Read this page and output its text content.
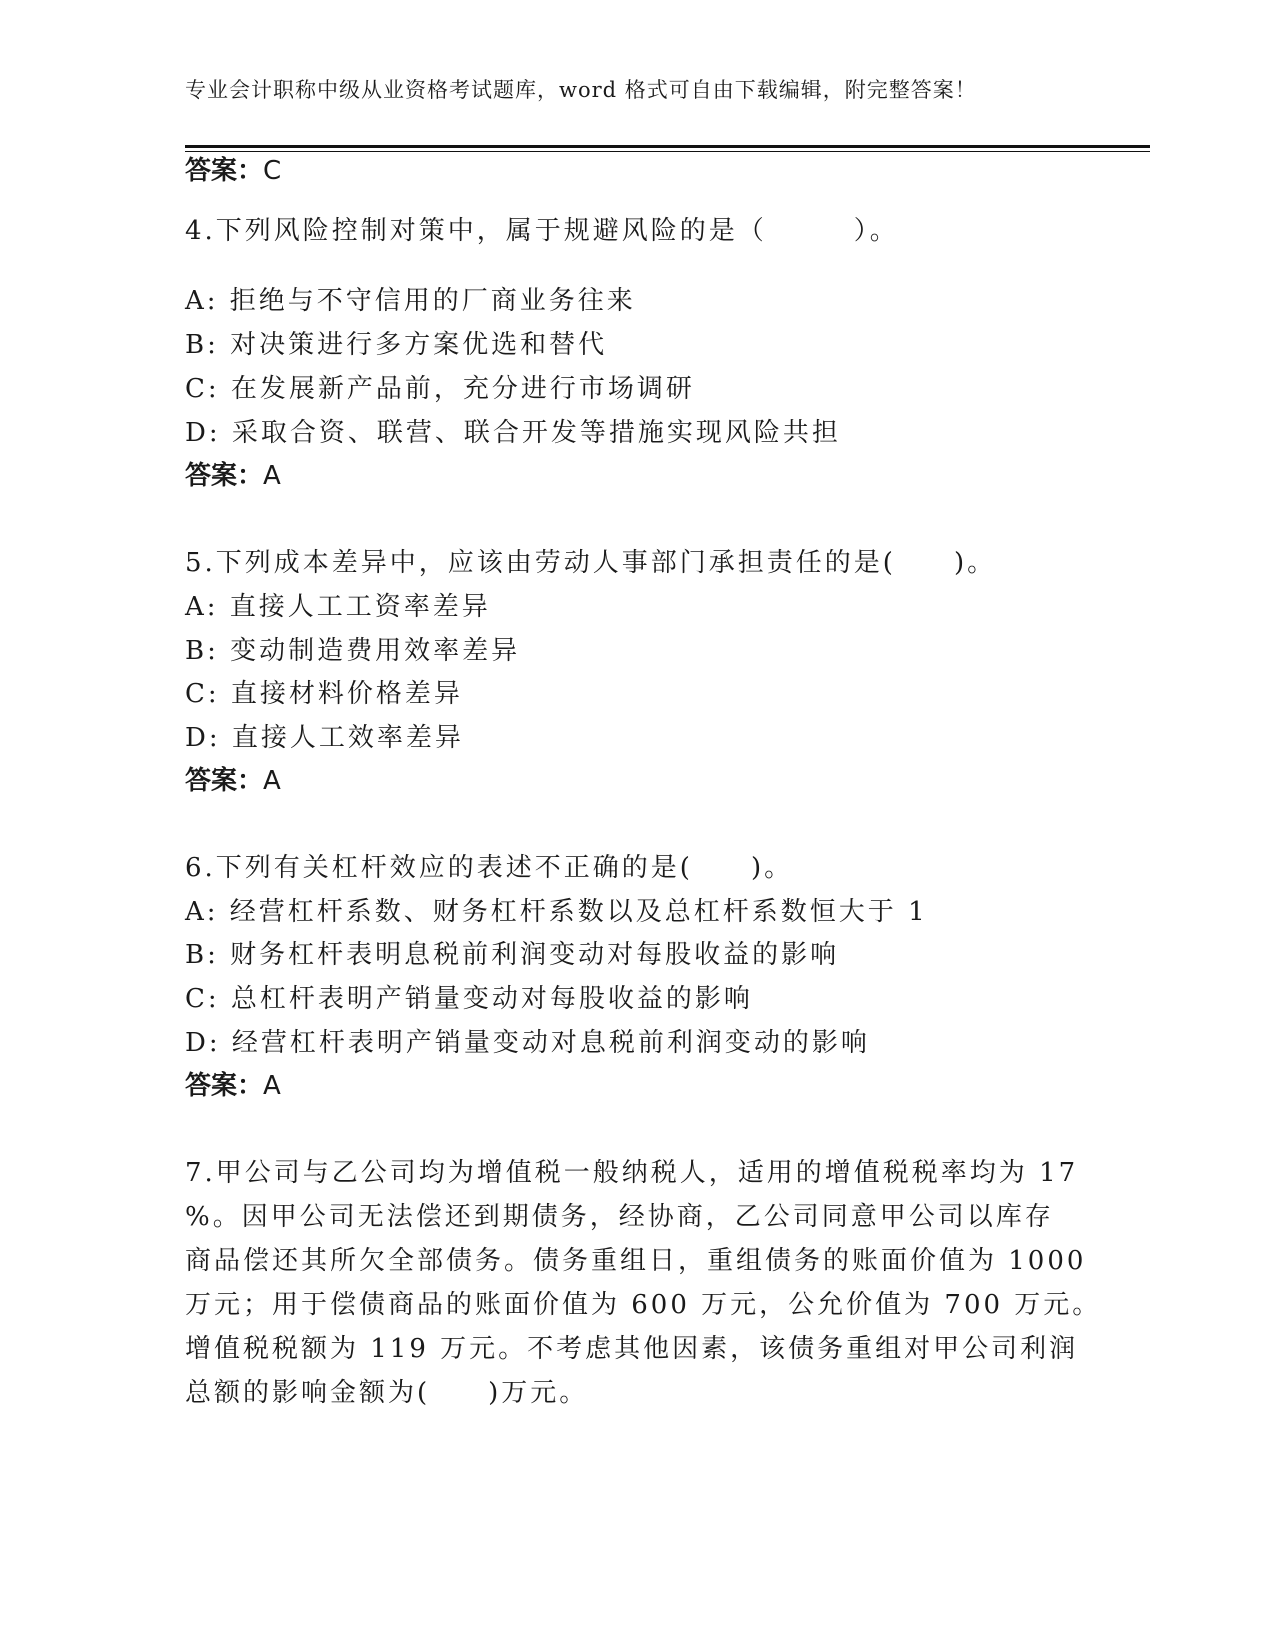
专业会计职称中级从业资格考试题库，word 格式可自由下载编辑，附完整答案！
答案：C
4.下列风险控制对策中，属于规避风险的是（　　　）。
A: 拒绝与不守信用的厂商业务往来
B: 对决策进行多方案优选和替代
C: 在发展新产品前，充分进行市场调研
D: 采取合资、联营、联合开发等措施实现风险共担
答案：A
5.下列成本差异中，应该由劳动人事部门承担责任的是(　　)。
A: 直接人工工资率差异
B: 变动制造费用效率差异
C: 直接材料价格差异
D: 直接人工效率差异
答案：A
6.下列有关杠杆效应的表述不正确的是(　　)。
A: 经营杠杆系数、财务杠杆系数以及总杠杆系数恒大于 1
B: 财务杠杆表明息税前利润变动对每股收益的影响
C: 总杠杆表明产销量变动对每股收益的影响
D: 经营杠杆表明产销量变动对息税前利润变动的影响
答案：A
7.甲公司与乙公司均为增值税一般纳税人，适用的增值税税率均为 17
%。因甲公司无法偿还到期债务，经协商，乙公司同意甲公司以库存
商品偿还其所欠全部债务。债务重组日，重组债务的账面价值为 1000
万元；用于偿债商品的账面价值为 600 万元，公允价值为 700 万元。
增值税税额为 119 万元。不考虑其他因素，该债务重组对甲公司利润
总额的影响金额为(　　)万元。
